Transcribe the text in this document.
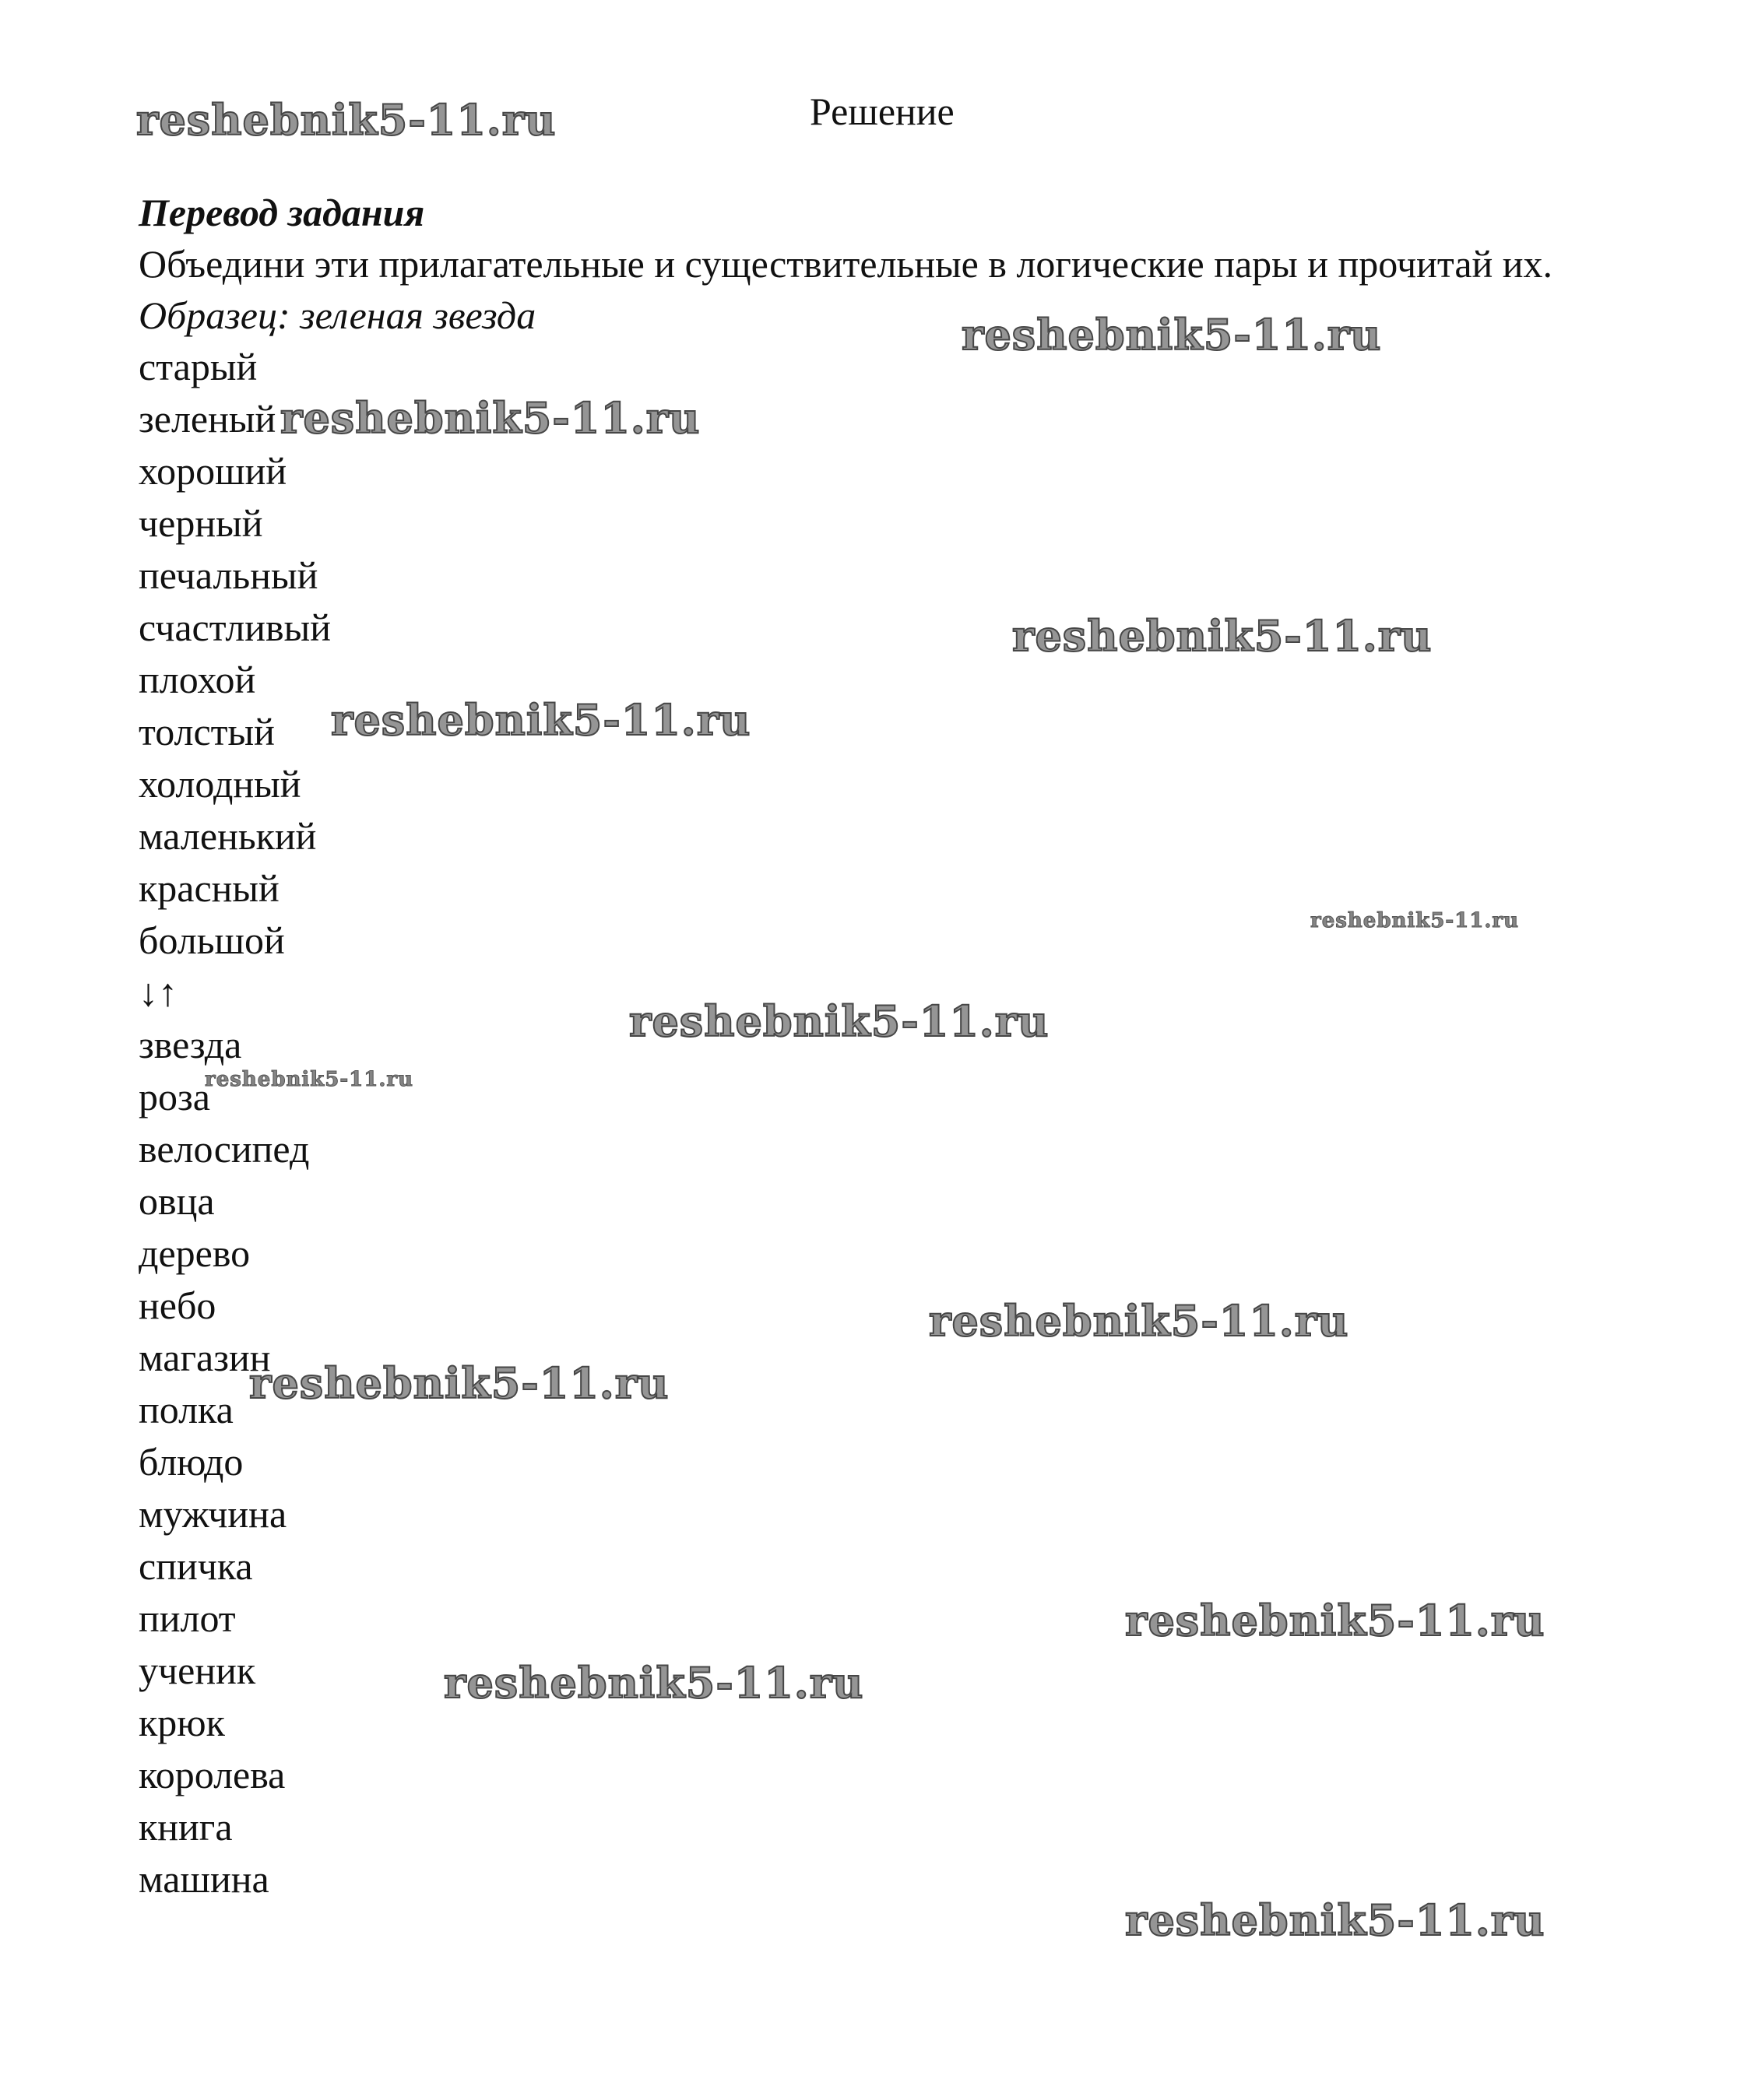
Решение
Перевод задания
Объедини эти прилагательные и существительные в логические пары и прочитай их.
Образец: зеленая звезда
старый
зеленый
хороший
черный
печальный
счастливый
плохой
толстый
холодный
маленький
красный
большой
↓↑
звезда
роза
велосипед
овца
дерево
небо
магазин
полка
блюдо
мужчина
спичка
пилот
ученик
крюк
королева
книга
машина
reshebnik5-11.ru
reshebnik5-11.ru
reshebnik5-11.ru
reshebnik5-11.ru
reshebnik5-11.ru
reshebnik5-11.ru
reshebnik5-11.ru
reshebnik5-11.ru
reshebnik5-11.ru
reshebnik5-11.ru
reshebnik5-11.ru
reshebnik5-11.ru
reshebnik5-11.ru
